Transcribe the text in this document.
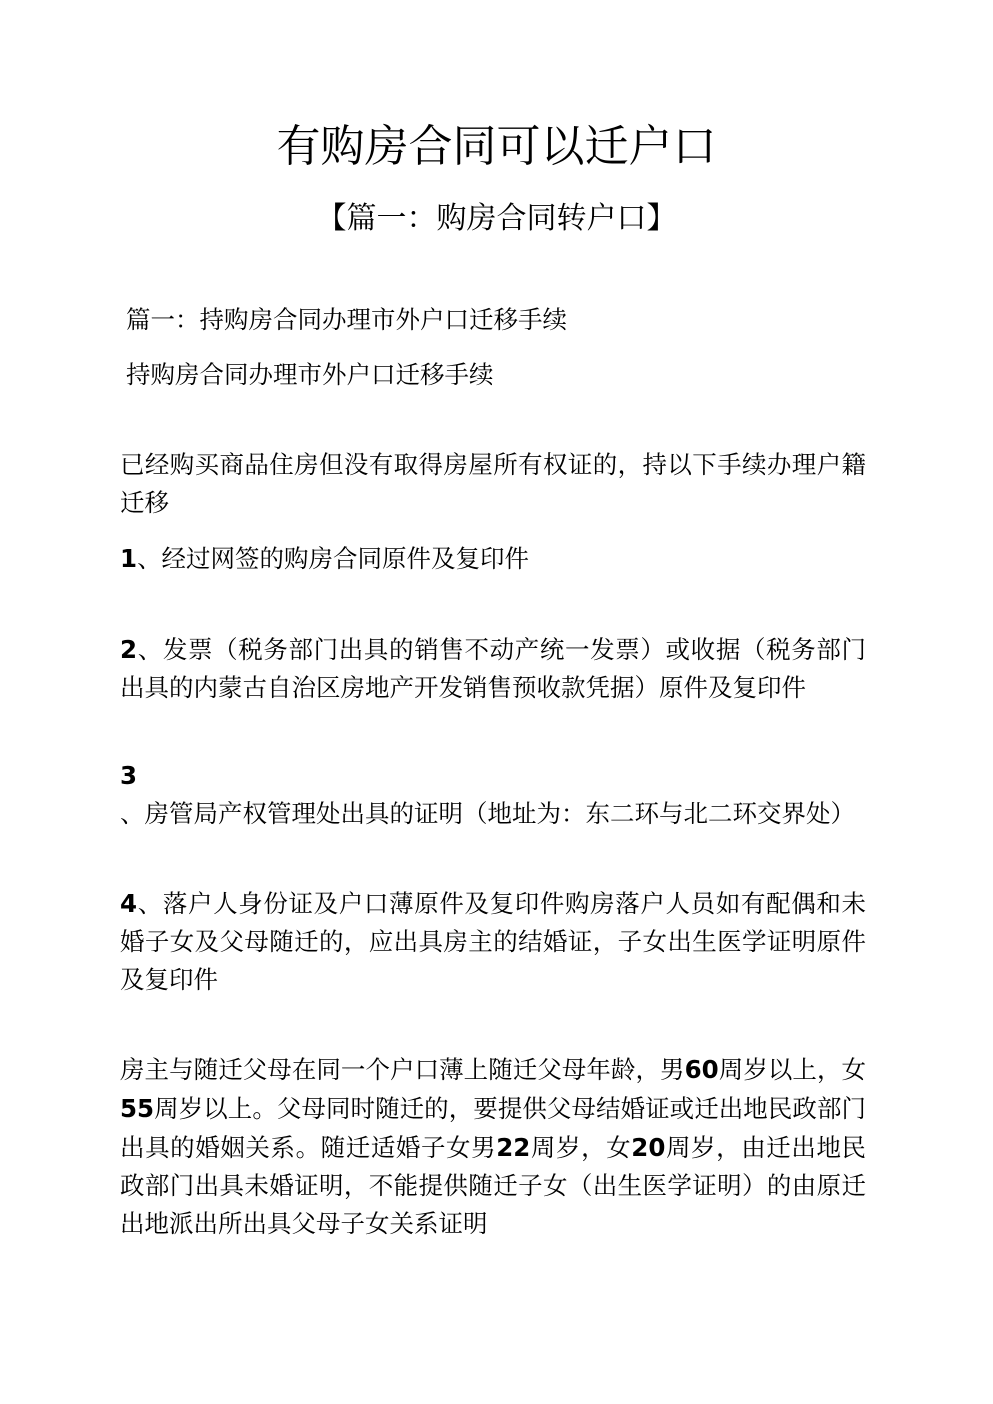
有购房合同可以迁户口
【篇一：购房合同转户口】

篇一：持购房合同办理市外户口迁移手续

持购房合同办理市外户口迁移手续

已经购买商品住房但没有取得房屋所有权证的，持以下手续办理户籍迁移

1、经过网签的购房合同原件及复印件

2、发票（税务部门出具的销售不动产统一发票）或收据（税务部门出具的内蒙古自治区房地产开发销售预收款凭据）原件及复印件

3、房管局产权管理处出具的证明（地址为：东二环与北二环交界处）

4、落户人身份证及户口薄原件及复印件购房落户人员如有配偶和未婚子女及父母随迁的，应出具房主的结婚证，子女出生医学证明原件及复印件

房主与随迁父母在同一个户口薄上随迁父母年龄，男60周岁以上，女55周岁以上。父母同时随迁的，要提供父母结婚证或迁出地民政部门出具的婚姻关系。随迁适婚子女男22周岁，女20周岁，由迁出地民政部门出具未婚证明，不能提供随迁子女（出生医学证明）的由原迁出地派出所出具父母子女关系证明
